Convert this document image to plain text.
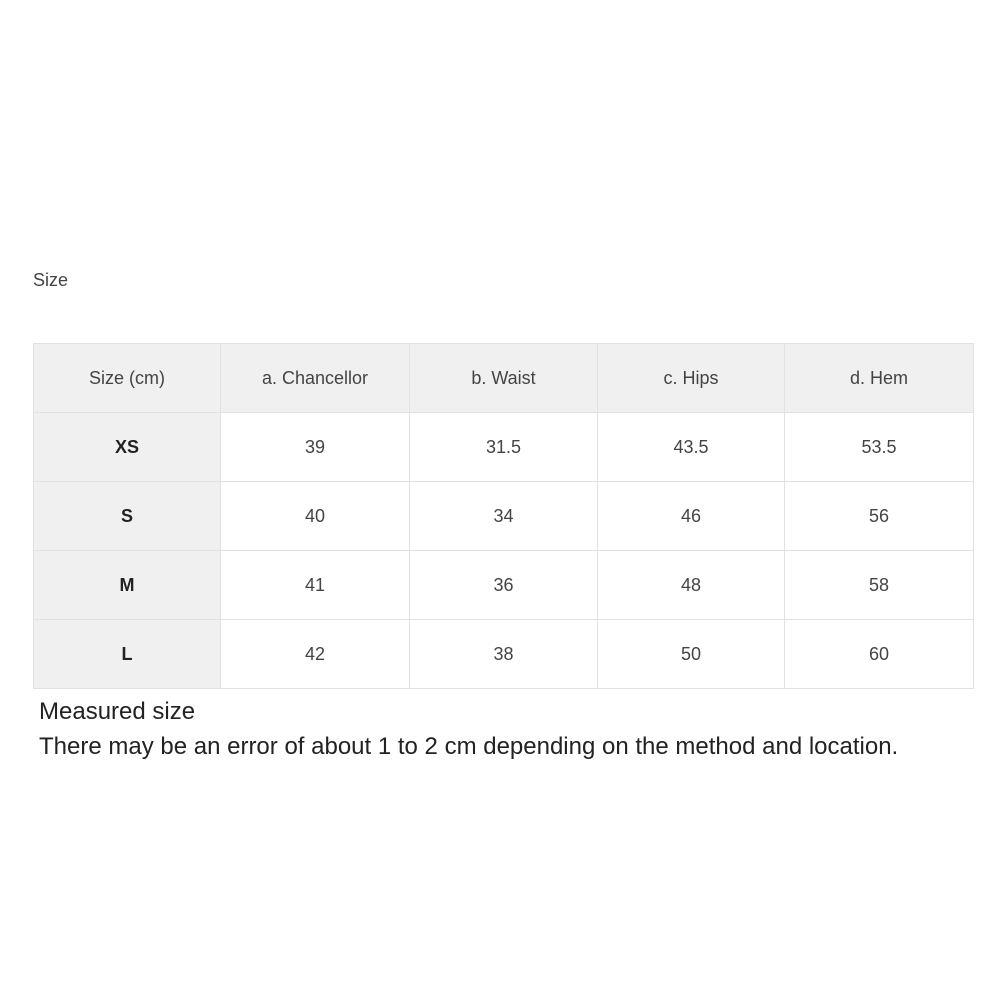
Size
Size (cm)	a. Chancellor	b. Waist	c. Hips	d. Hem
XS	39	31.5	43.5	53.5
S	40	34	46	56
M	41	36	48	58
L	42	38	50	60
Measured size
There may be an error of about 1 to 2 cm depending on the method and location.
